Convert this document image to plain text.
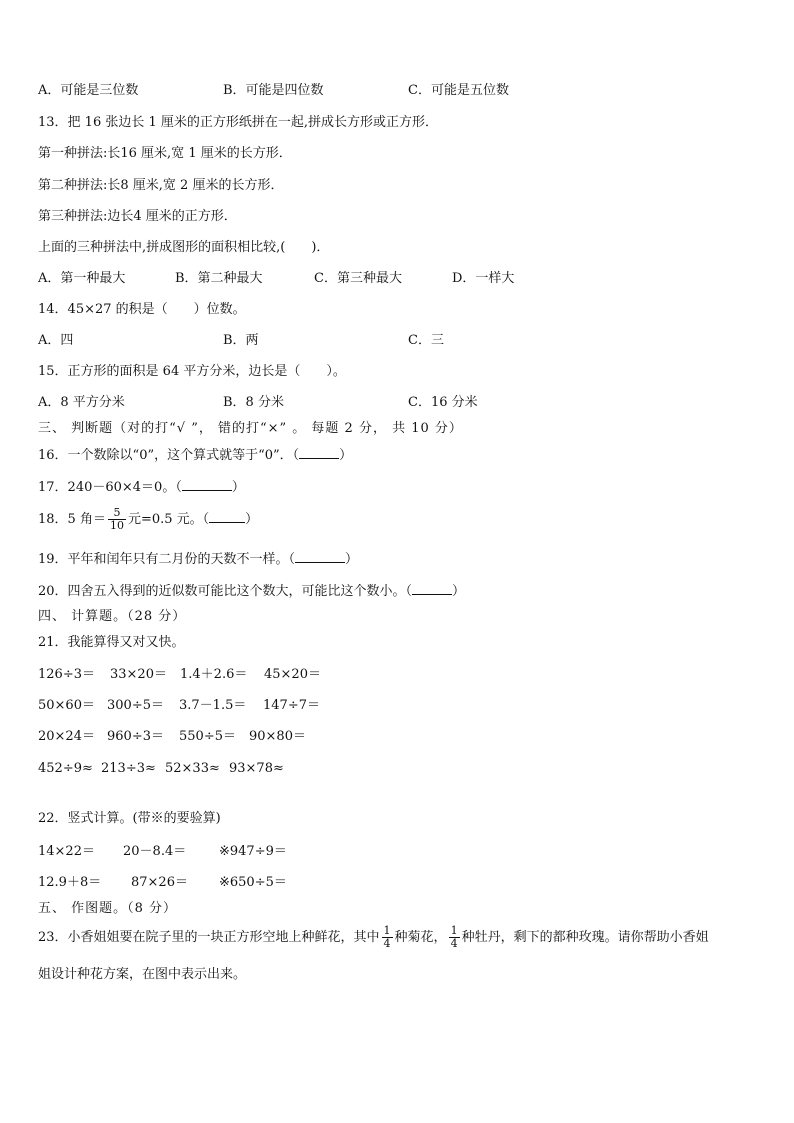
A．可能是三位数	B．可能是四位数	C．可能是五位数
13．把 16 张边长 1 厘米的正方形纸拼在一起,拼成长方形或正方形．
第一种拼法:长16 厘米,宽 1 厘米的长方形．
第二种拼法:长8 厘米,宽 2 厘米的长方形．
第三种拼法:边长4 厘米的正方形．
上面的三种拼法中,拼成图形的面积相比较,(　　)．
A．第一种最大	B．第二种最大	C．第三种最大	D．一样大
14．45×27 的积是（　　）位数。
A．四	B．两	C．三
15．正方形的面积是 64 平方分米，边长是（　　）。
A．8 平方分米	B．8 分米	C．16 分米
三、 判断题（对的打“√ ”， 错的打“×” 。 每题 2 分， 共 10 分）
16．一个数除以“0”，这个算式就等于“0”．（	）
17．240－60×4＝0。（	）
18．5 角＝ $\frac{5}{10}$ 元=0.5 元。（	）
19．平年和闰年只有二月份的天数不一样。（	）
20．四舍五入得到的近似数可能比这个数大，可能比这个数小。（	）
四、 计算题。（28 分）
21．我能算得又对又快。
126÷3＝ 33×20＝ 1.4＋2.6＝ 45×20＝
50×60＝ 300÷5＝ 3.7－1.5＝ 147÷7＝
20×24＝ 960÷3＝ 550÷5＝ 90×80＝
452÷9≈ 213÷3≈ 52×33≈ 93×78≈
22．竖式计算。(带※的要验算)
14×22＝ 20－8.4＝	※947÷9＝
12.9＋8＝ 87×26＝ ※650÷5＝
五、 作图题。（8 分）
23．小香姐姐要在院子里的一块正方形空地上种鲜花，其中 $\frac{1}{4}$ 种菊花， $\frac{1}{4}$ 种牡丹，剩下的都种玫瑰。请你帮助小香姐
姐设计种花方案，在图中表示出来。
